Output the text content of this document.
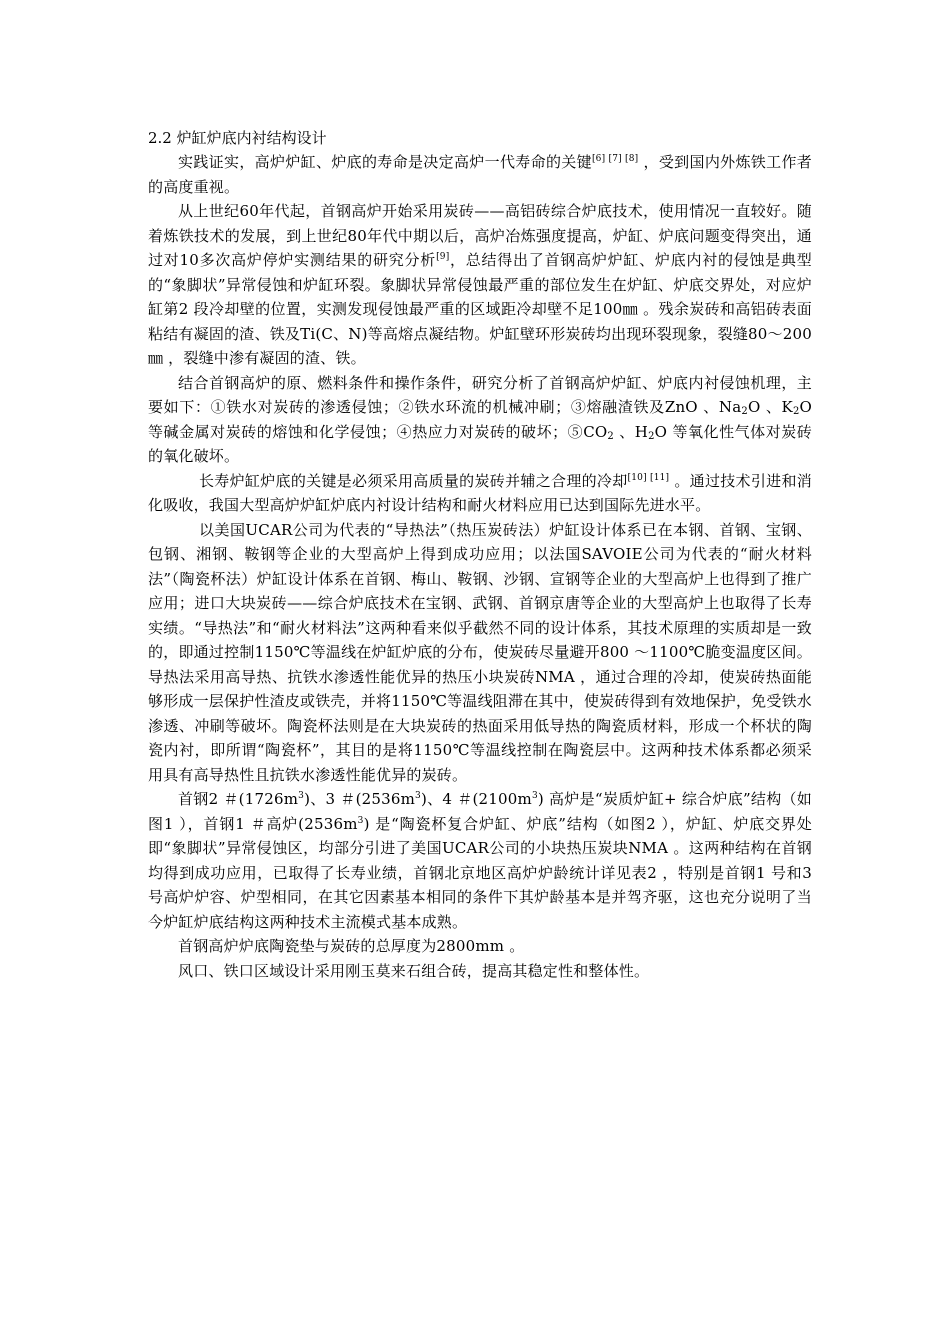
2.2 炉缸炉底内衬结构设计

实践证实，高炉炉缸、炉底的寿命是决定高炉一代寿命的关键[6] [7] [8] ，受到国内外炼铁工作者的高度重视。

从上世纪60年代起，首钢高炉开始采用炭砖——高铝砖综合炉底技术，使用情况一直较好。随着炼铁技术的发展，到上世纪80年代中期以后，高炉冶炼强度提高，炉缸、炉底问题变得突出，通过对10多次高炉停炉实测结果的研究分析[9]，总结得出了首钢高炉炉缸、炉底内衬的侵蚀是典型的“象脚状”异常侵蚀和炉缸环裂。象脚状异常侵蚀最严重的部位发生在炉缸、炉底交界处，对应炉缸第2 段冷却壁的位置，实测发现侵蚀最严重的区域距冷却壁不足100㎜ 。残余炭砖和高铝砖表面粘结有凝固的渣、铁及Ti(C、N)等高熔点凝结物。炉缸壁环形炭砖均出现环裂现象，裂缝80～200㎜ ，裂缝中渗有凝固的渣、铁。

结合首钢高炉的原、燃料条件和操作条件，研究分析了首钢高炉炉缸、炉底内衬侵蚀机理，主要如下：①铁水对炭砖的渗透侵蚀；②铁水环流的机械冲刷；③熔融渣铁及ZnO 、$Na_2O$ 、$K_2O$ 等碱金属对炭砖的熔蚀和化学侵蚀；④热应力对炭砖的破坏；$⑤CO_2$ 、$H_2O$ 等氧化性气体对炭砖的氧化破坏。

长寿炉缸炉底的关键是必须采用高质量的炭砖并辅之合理的冷却[10] [11] 。通过技术引进和消化吸收，我国大型高炉炉缸炉底内衬设计结构和耐火材料应用已达到国际先进水平。

以美国UCAR公司为代表的“导热法”（热压炭砖法）炉缸设计体系已在本钢、首钢、宝钢、包钢、湘钢、鞍钢等企业的大型高炉上得到成功应用；以法国SAVOIE公司为代表的“耐火材料法”（陶瓷杯法）炉缸设计体系在首钢、梅山、鞍钢、沙钢、宣钢等企业的大型高炉上也得到了推广应用；进口大块炭砖——综合炉底技术在宝钢、武钢、首钢京唐等企业的大型高炉上也取得了长寿实绩。“导热法”和“耐火材料法”这两种看来似乎截然不同的设计体系，其技术原理的实质却是一致的，即通过控制1150℃等温线在炉缸炉底的分布，使炭砖尽量避开800 ～1100℃脆变温度区间。导热法采用高导热、抗铁水渗透性能优异的热压小块炭砖NMA ，通过合理的冷却，使炭砖热面能够形成一层保护性渣皮或铁壳，并将1150℃等温线阻滞在其中，使炭砖得到有效地保护，免受铁水渗透、冲刷等破坏。陶瓷杯法则是在大块炭砖的热面采用低导热的陶瓷质材料，形成一个杯状的陶瓷内衬，即所谓“陶瓷杯”，其目的是将1150℃等温线控制在陶瓷层中。这两种技术体系都必须采用具有高导热性且抗铁水渗透性能优异的炭砖。

首钢2 ＃$(1726m^3)$、3 ＃$(2536m^3)$、4 ＃$(2100m^3)$ 高炉是“炭质炉缸+ 综合炉底”结构（如图1 ），首钢1 ＃高炉$(2536m^3)$ 是“陶瓷杯复合炉缸、炉底”结构（如图2 ），炉缸、炉底交界处即“象脚状”异常侵蚀区，均部分引进了美国UCAR公司的小块热压炭块NMA 。这两种结构在首钢均得到成功应用，已取得了长寿业绩，首钢北京地区高炉炉龄统计详见表2 ，特别是首钢1 号和3 号高炉炉容、炉型相同，在其它因素基本相同的条件下其炉龄基本是并驾齐驱，这也充分说明了当今炉缸炉底结构这两种技术主流模式基本成熟。

首钢高炉炉底陶瓷垫与炭砖的总厚度为2800mm 。

风口、铁口区域设计采用刚玉莫来石组合砖，提高其稳定性和整体性。
